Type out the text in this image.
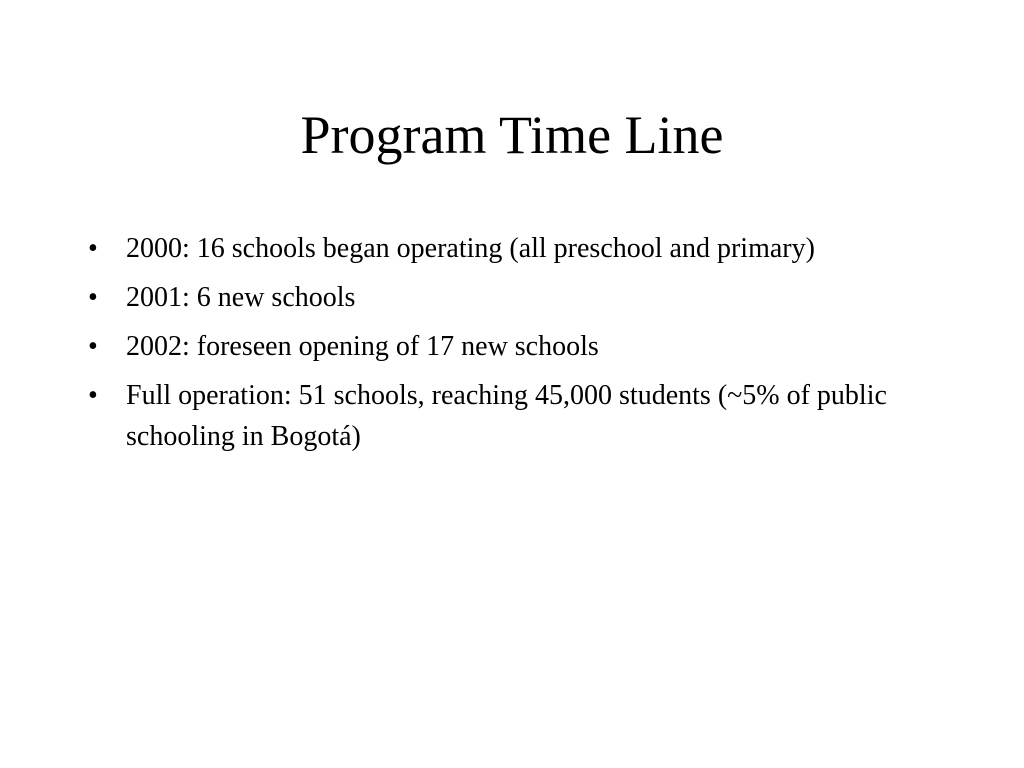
Program Time Line
•	2000: 16 schools began operating (all preschool and primary)
•	2001: 6 new schools
•	2002: foreseen opening of 17 new schools
•	Full operation: 51 schools, reaching 45,000 students (~5% of public schooling in Bogotá)
